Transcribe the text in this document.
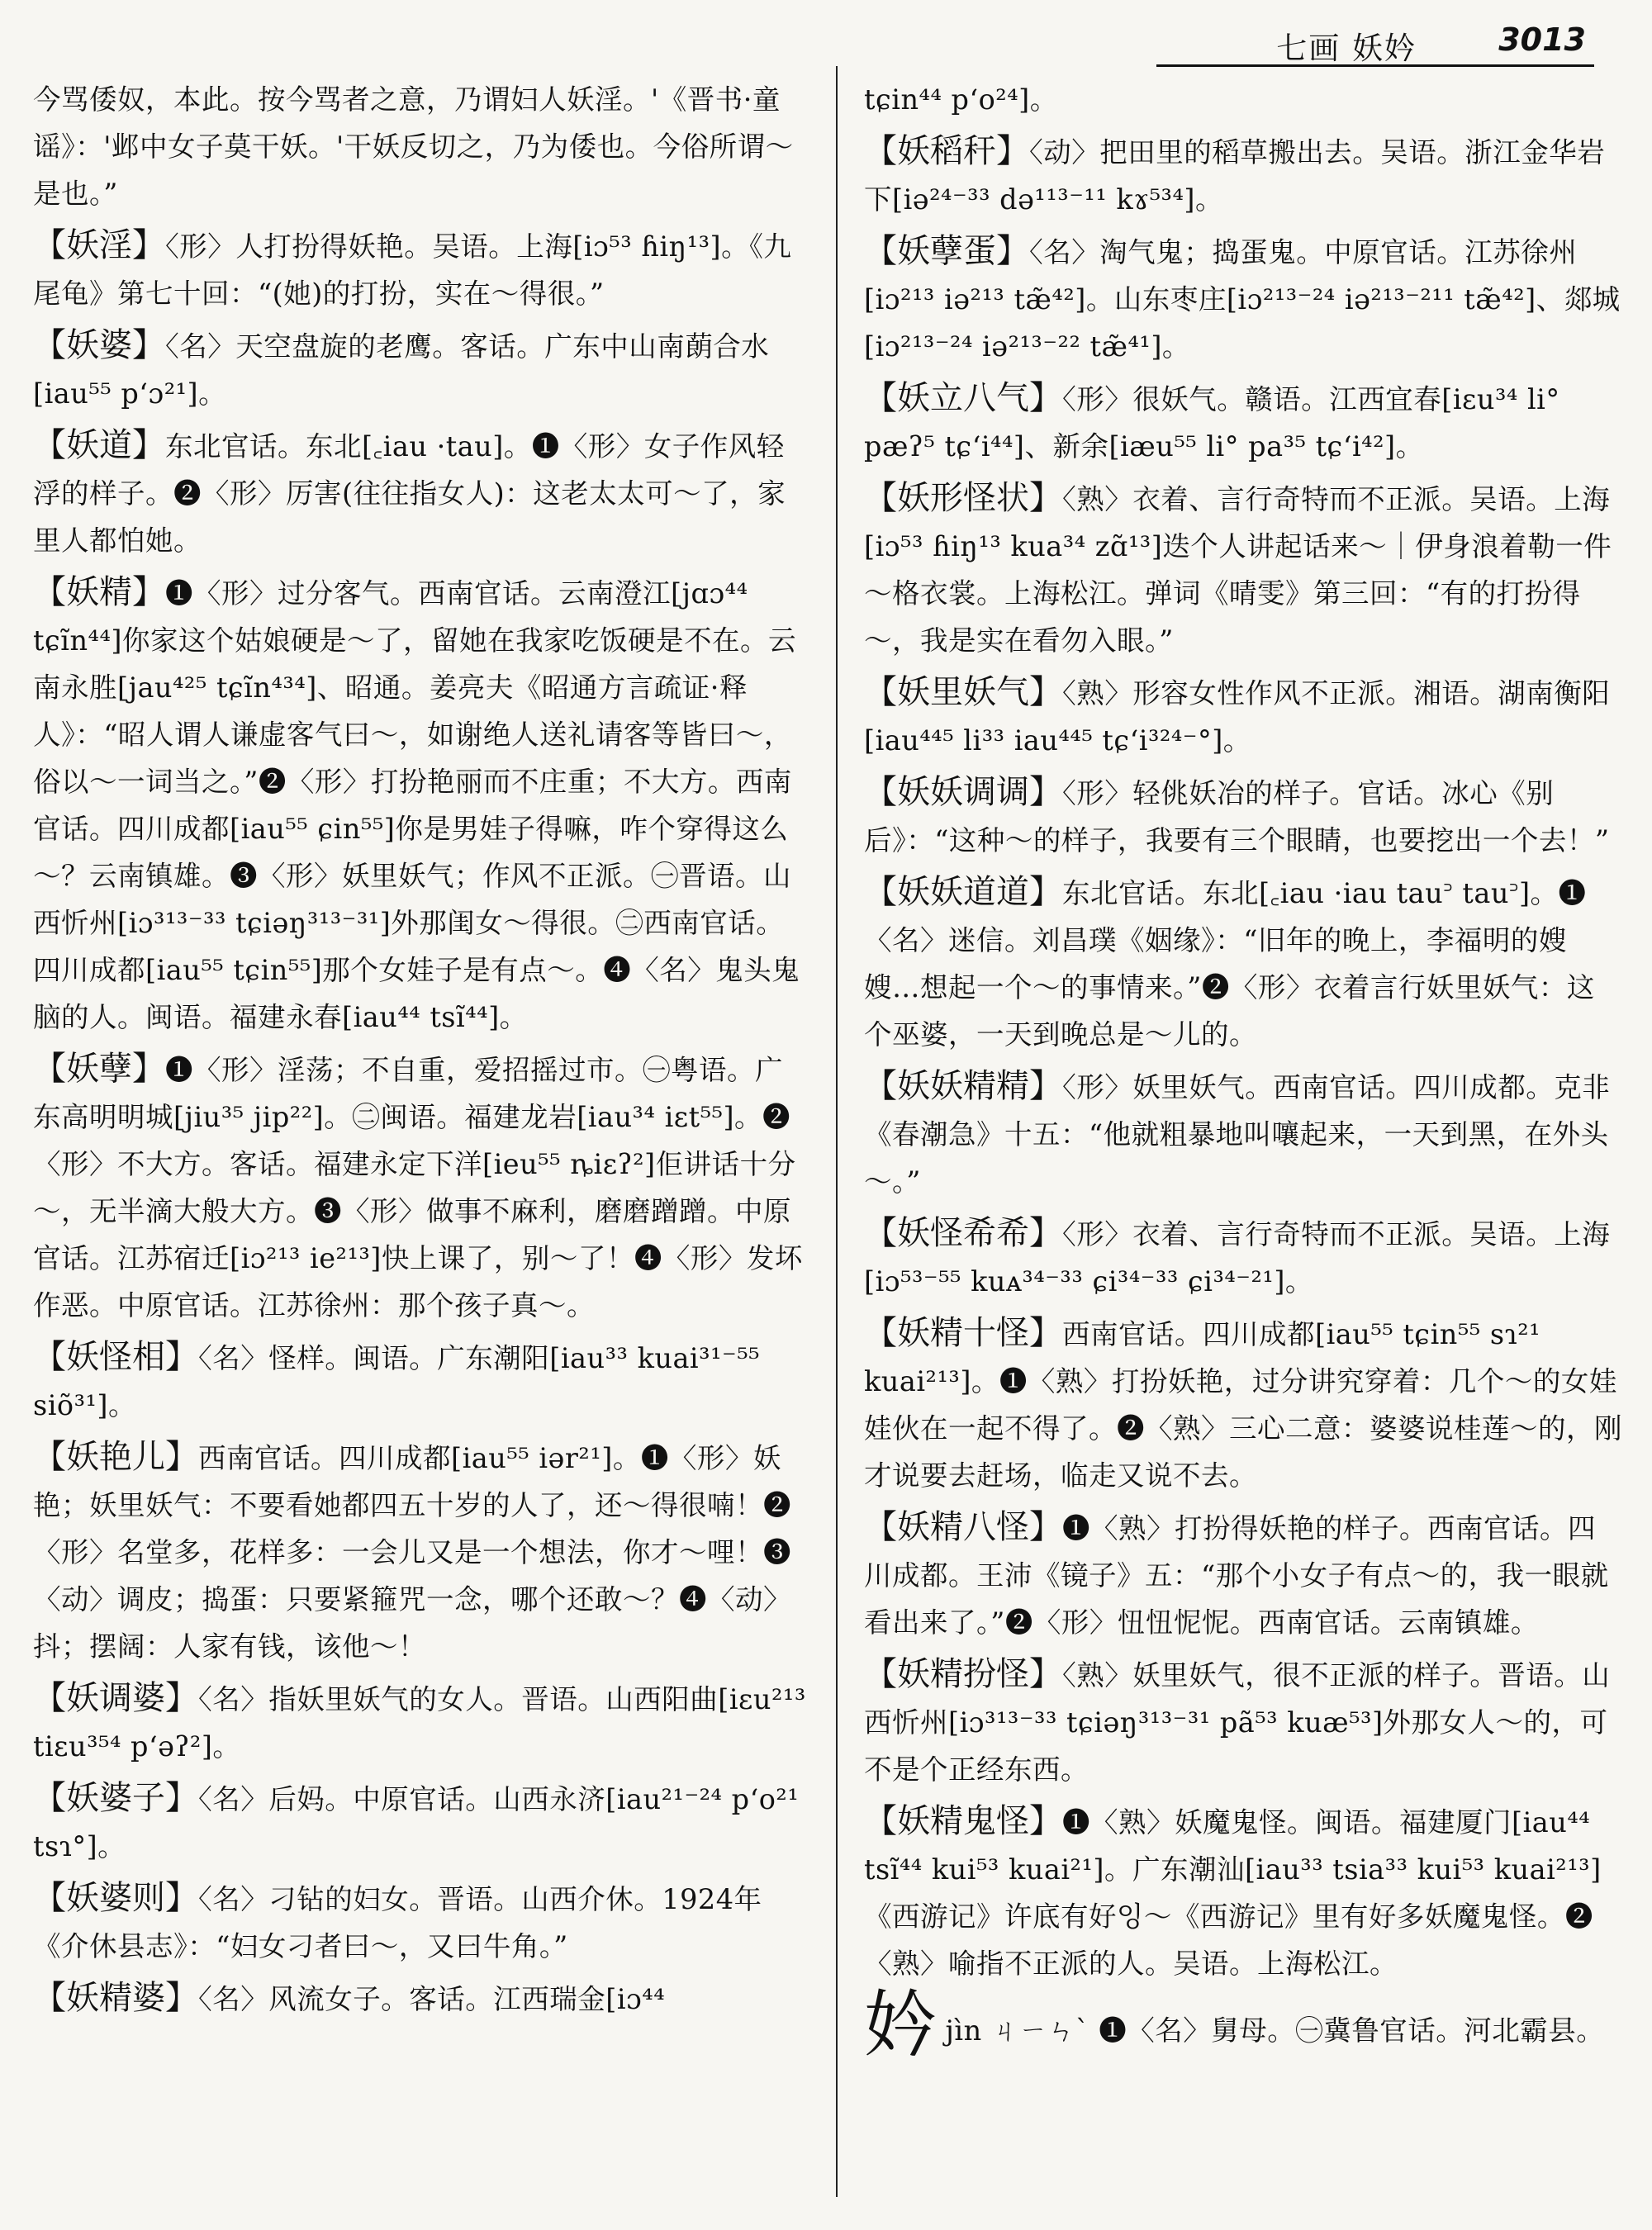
七画 妖妗	3013
今骂倭奴，本此。按今骂者之意，乃谓妇人妖淫。'《晋书·童谣》：'邺中女子莫干妖。'干妖反切之，乃为倭也。今俗所谓～是也。”
【妖淫】〈形〉人打扮得妖艳。吴语。上海[iɔ⁵³ ɦiŋ¹³]。《九尾龟》第七十回：“(她)的打扮，实在～得很。”
【妖婆】〈名〉天空盘旋的老鹰。客话。广东中山南蓢合水[iau⁵⁵ p‘ɔ²¹]。
【妖道】东北官话。东北[꜀iau ·tau]。❶〈形〉女子作风轻浮的样子。❷〈形〉厉害(往往指女人)：这老太太可～了，家里人都怕她。
【妖精】❶〈形〉过分客气。西南官话。云南澄江[jɑɔ⁴⁴ tɕĩn⁴⁴]你家这个姑娘硬是～了，留她在我家吃饭硬是不在。云南永胜[jau⁴²⁵ tɕĩn⁴³⁴]、昭通。姜亮夫《昭通方言疏证·释人》：“昭人谓人谦虚客气曰～，如谢绝人送礼请客等皆曰～，俗以～一词当之。”❷〈形〉打扮艳丽而不庄重；不大方。西南官话。四川成都[iau⁵⁵ ɕin⁵⁵]你是男娃子得嘛，咋个穿得这么～？云南镇雄。❸〈形〉妖里妖气；作风不正派。㊀晋语。山西忻州[iɔ³¹³⁻³³ tɕiəŋ³¹³⁻³¹]外那闺女～得很。㊁西南官话。四川成都[iau⁵⁵ tɕin⁵⁵]那个女娃子是有点～。❹〈名〉鬼头鬼脑的人。闽语。福建永春[iau⁴⁴ tsĩ⁴⁴]。
【妖孽】❶〈形〉淫荡；不自重，爱招摇过市。㊀粤语。广东高明明城[jiu³⁵ jip²²]。㊁闽语。福建龙岩[iau³⁴ iɛt⁵⁵]。❷〈形〉不大方。客话。福建永定下洋[ieu⁵⁵ ȵiɛʔ²]佢讲话十分～，无半滴大般大方。❸〈形〉做事不麻利，磨磨蹭蹭。中原官话。江苏宿迁[iɔ²¹³ ie²¹³]快上课了，别～了！❹〈形〉发坏作恶。中原官话。江苏徐州：那个孩子真～。
【妖怪相】〈名〉怪样。闽语。广东潮阳[iau³³ kuai³¹⁻⁵⁵ siõ³¹]。
【妖艳儿】西南官话。四川成都[iau⁵⁵ iər²¹]。❶〈形〉妖艳；妖里妖气：不要看她都四五十岁的人了，还～得很喃！❷〈形〉名堂多，花样多：一会儿又是一个想法，你才～哩！❸〈动〉调皮；捣蛋：只要紧箍咒一念，哪个还敢～？❹〈动〉抖；摆阔：人家有钱，该他～！
【妖调婆】〈名〉指妖里妖气的女人。晋语。山西阳曲[iɛu²¹³ tiɛu³⁵⁴ p‘əʔ²]。
【妖婆子】〈名〉后妈。中原官话。山西永济[iau²¹⁻²⁴ p‘o²¹ tsɿ°]。
【妖婆则】〈名〉刁钻的妇女。晋语。山西介休。1924年《介休县志》：“妇女刁者曰～，又曰牛角。”
【妖精婆】〈名〉风流女子。客话。江西瑞金[iɔ⁴⁴
tɕin⁴⁴ p‘o²⁴]。
【妖稻秆】〈动〉把田里的稻草搬出去。吴语。浙江金华岩下[iə²⁴⁻³³ də¹¹³⁻¹¹ kɤ⁵³⁴]。
【妖孽蛋】〈名〉淘气鬼；捣蛋鬼。中原官话。江苏徐州[iɔ²¹³ iə²¹³ tæ̃⁴²]。山东枣庄[iɔ²¹³⁻²⁴ iə²¹³⁻²¹¹ tæ̃⁴²]、郯城[iɔ²¹³⁻²⁴ iə²¹³⁻²² tæ̃⁴¹]。
【妖立八气】〈形〉很妖气。赣语。江西宜春[iɛu³⁴ li° pæʔ⁵ tɕ‘i⁴⁴]、新余[iæu⁵⁵ li° pa³⁵ tɕ‘i⁴²]。
【妖形怪状】〈熟〉衣着、言行奇特而不正派。吴语。上海[iɔ⁵³ ɦiŋ¹³ kua³⁴ zɑ̃¹³]迭个人讲起话来～｜伊身浪着勒一件～格衣裳。上海松江。弹词《晴雯》第三回：“有的打扮得～，我是实在看勿入眼。”
【妖里妖气】〈熟〉形容女性作风不正派。湘语。湖南衡阳[iau⁴⁴⁵ li³³ iau⁴⁴⁵ tɕ‘i³²⁴⁻°]。
【妖妖调调】〈形〉轻佻妖冶的样子。官话。冰心《别后》：“这种～的样子，我要有三个眼睛，也要挖出一个去！”
【妖妖道道】东北官话。东北[꜀iau ·iau tau꜄ tau꜄]。❶〈名〉迷信。刘昌璞《姻缘》：“旧年的晚上，李福明的嫂嫂…想起一个～的事情来。”❷〈形〉衣着言行妖里妖气：这个巫婆，一天到晚总是～儿的。
【妖妖精精】〈形〉妖里妖气。西南官话。四川成都。克非《春潮急》十五：“他就粗暴地叫嚷起来，一天到黑，在外头～。”
【妖怪希希】〈形〉衣着、言行奇特而不正派。吴语。上海[iɔ⁵³⁻⁵⁵ kuᴀ³⁴⁻³³ ɕi³⁴⁻³³ ɕi³⁴⁻²¹]。
【妖精十怪】西南官话。四川成都[iau⁵⁵ tɕin⁵⁵ sɿ²¹ kuai²¹³]。❶〈熟〉打扮妖艳，过分讲究穿着：几个～的女娃娃伙在一起不得了。❷〈熟〉三心二意：婆婆说桂莲～的，刚才说要去赶场，临走又说不去。
【妖精八怪】❶〈熟〉打扮得妖艳的样子。西南官话。四川成都。王沛《镜子》五：“那个小女子有点～的，我一眼就看出来了。”❷〈形〉忸忸怩怩。西南官话。云南镇雄。
【妖精扮怪】〈熟〉妖里妖气，很不正派的样子。晋语。山西忻州[iɔ³¹³⁻³³ tɕiəŋ³¹³⁻³¹ pã⁵³ kuæ⁵³]外那女人～的，可不是个正经东西。
【妖精鬼怪】❶〈熟〉妖魔鬼怪。闽语。福建厦门[iau⁴⁴ tsĩ⁴⁴ kui⁵³ kuai²¹]。广东潮汕[iau³³ tsia³³ kui⁵³ kuai²¹³]《西游记》许底有好잉～《西游记》里有好多妖魔鬼怪。❷〈熟〉喻指不正派的人。吴语。上海松江。
妗jìn ㄐㄧㄣˋ ❶〈名〉舅母。㊀冀鲁官话。河北霸县。
